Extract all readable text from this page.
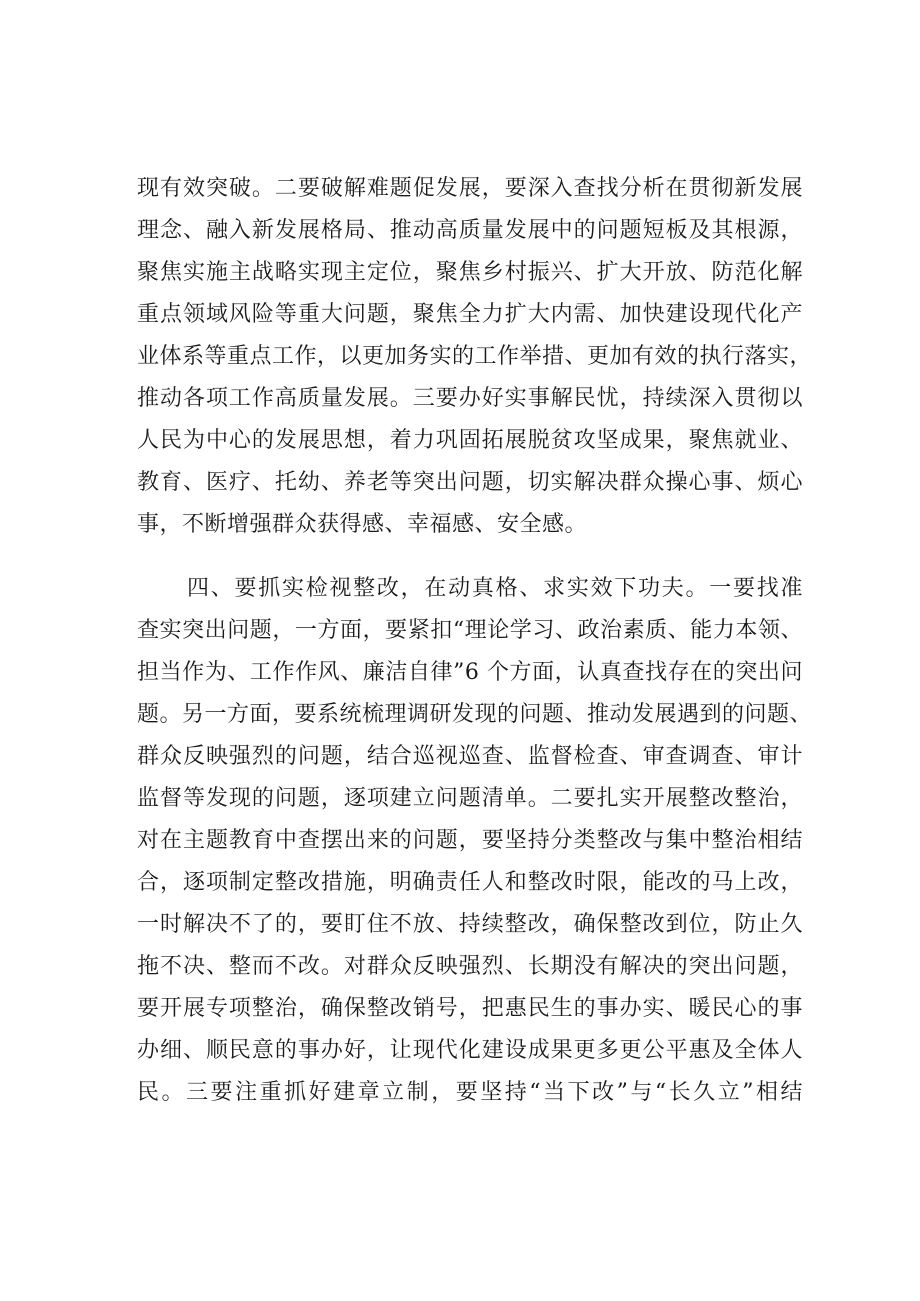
现有效突破。二要破解难题促发展，要深入查找分析在贯彻新发展
理念、融入新发展格局、推动高质量发展中的问题短板及其根源，
聚焦实施主战略实现主定位，聚焦乡村振兴、扩大开放、防范化解
重点领域风险等重大问题，聚焦全力扩大内需、加快建设现代化产
业体系等重点工作，以更加务实的工作举措、更加有效的执行落实，
推动各项工作高质量发展。三要办好实事解民忧，持续深入贯彻以
人民为中心的发展思想，着力巩固拓展脱贫攻坚成果，聚焦就业、
教育、医疗、托幼、养老等突出问题，切实解决群众操心事、烦心
事，不断增强群众获得感、幸福感、安全感。
四、要抓实检视整改，在动真格、求实效下功夫。一要找准
查实突出问题，一方面，要紧扣“理论学习、政治素质、能力本领、
担当作为、工作作风、廉洁自律”6 个方面，认真查找存在的突出问
题。另一方面，要系统梳理调研发现的问题、推动发展遇到的问题、
群众反映强烈的问题，结合巡视巡查、监督检查、审查调查、审计
监督等发现的问题，逐项建立问题清单。二要扎实开展整改整治，
对在主题教育中查摆出来的问题，要坚持分类整改与集中整治相结
合，逐项制定整改措施，明确责任人和整改时限，能改的马上改，
一时解决不了的，要盯住不放、持续整改，确保整改到位，防止久
拖不决、整而不改。对群众反映强烈、长期没有解决的突出问题，
要开展专项整治，确保整改销号，把惠民生的事办实、暖民心的事
办细、顺民意的事办好，让现代化建设成果更多更公平惠及全体人
民。三要注重抓好建章立制，要坚持“当下改”与“长久立”相结
